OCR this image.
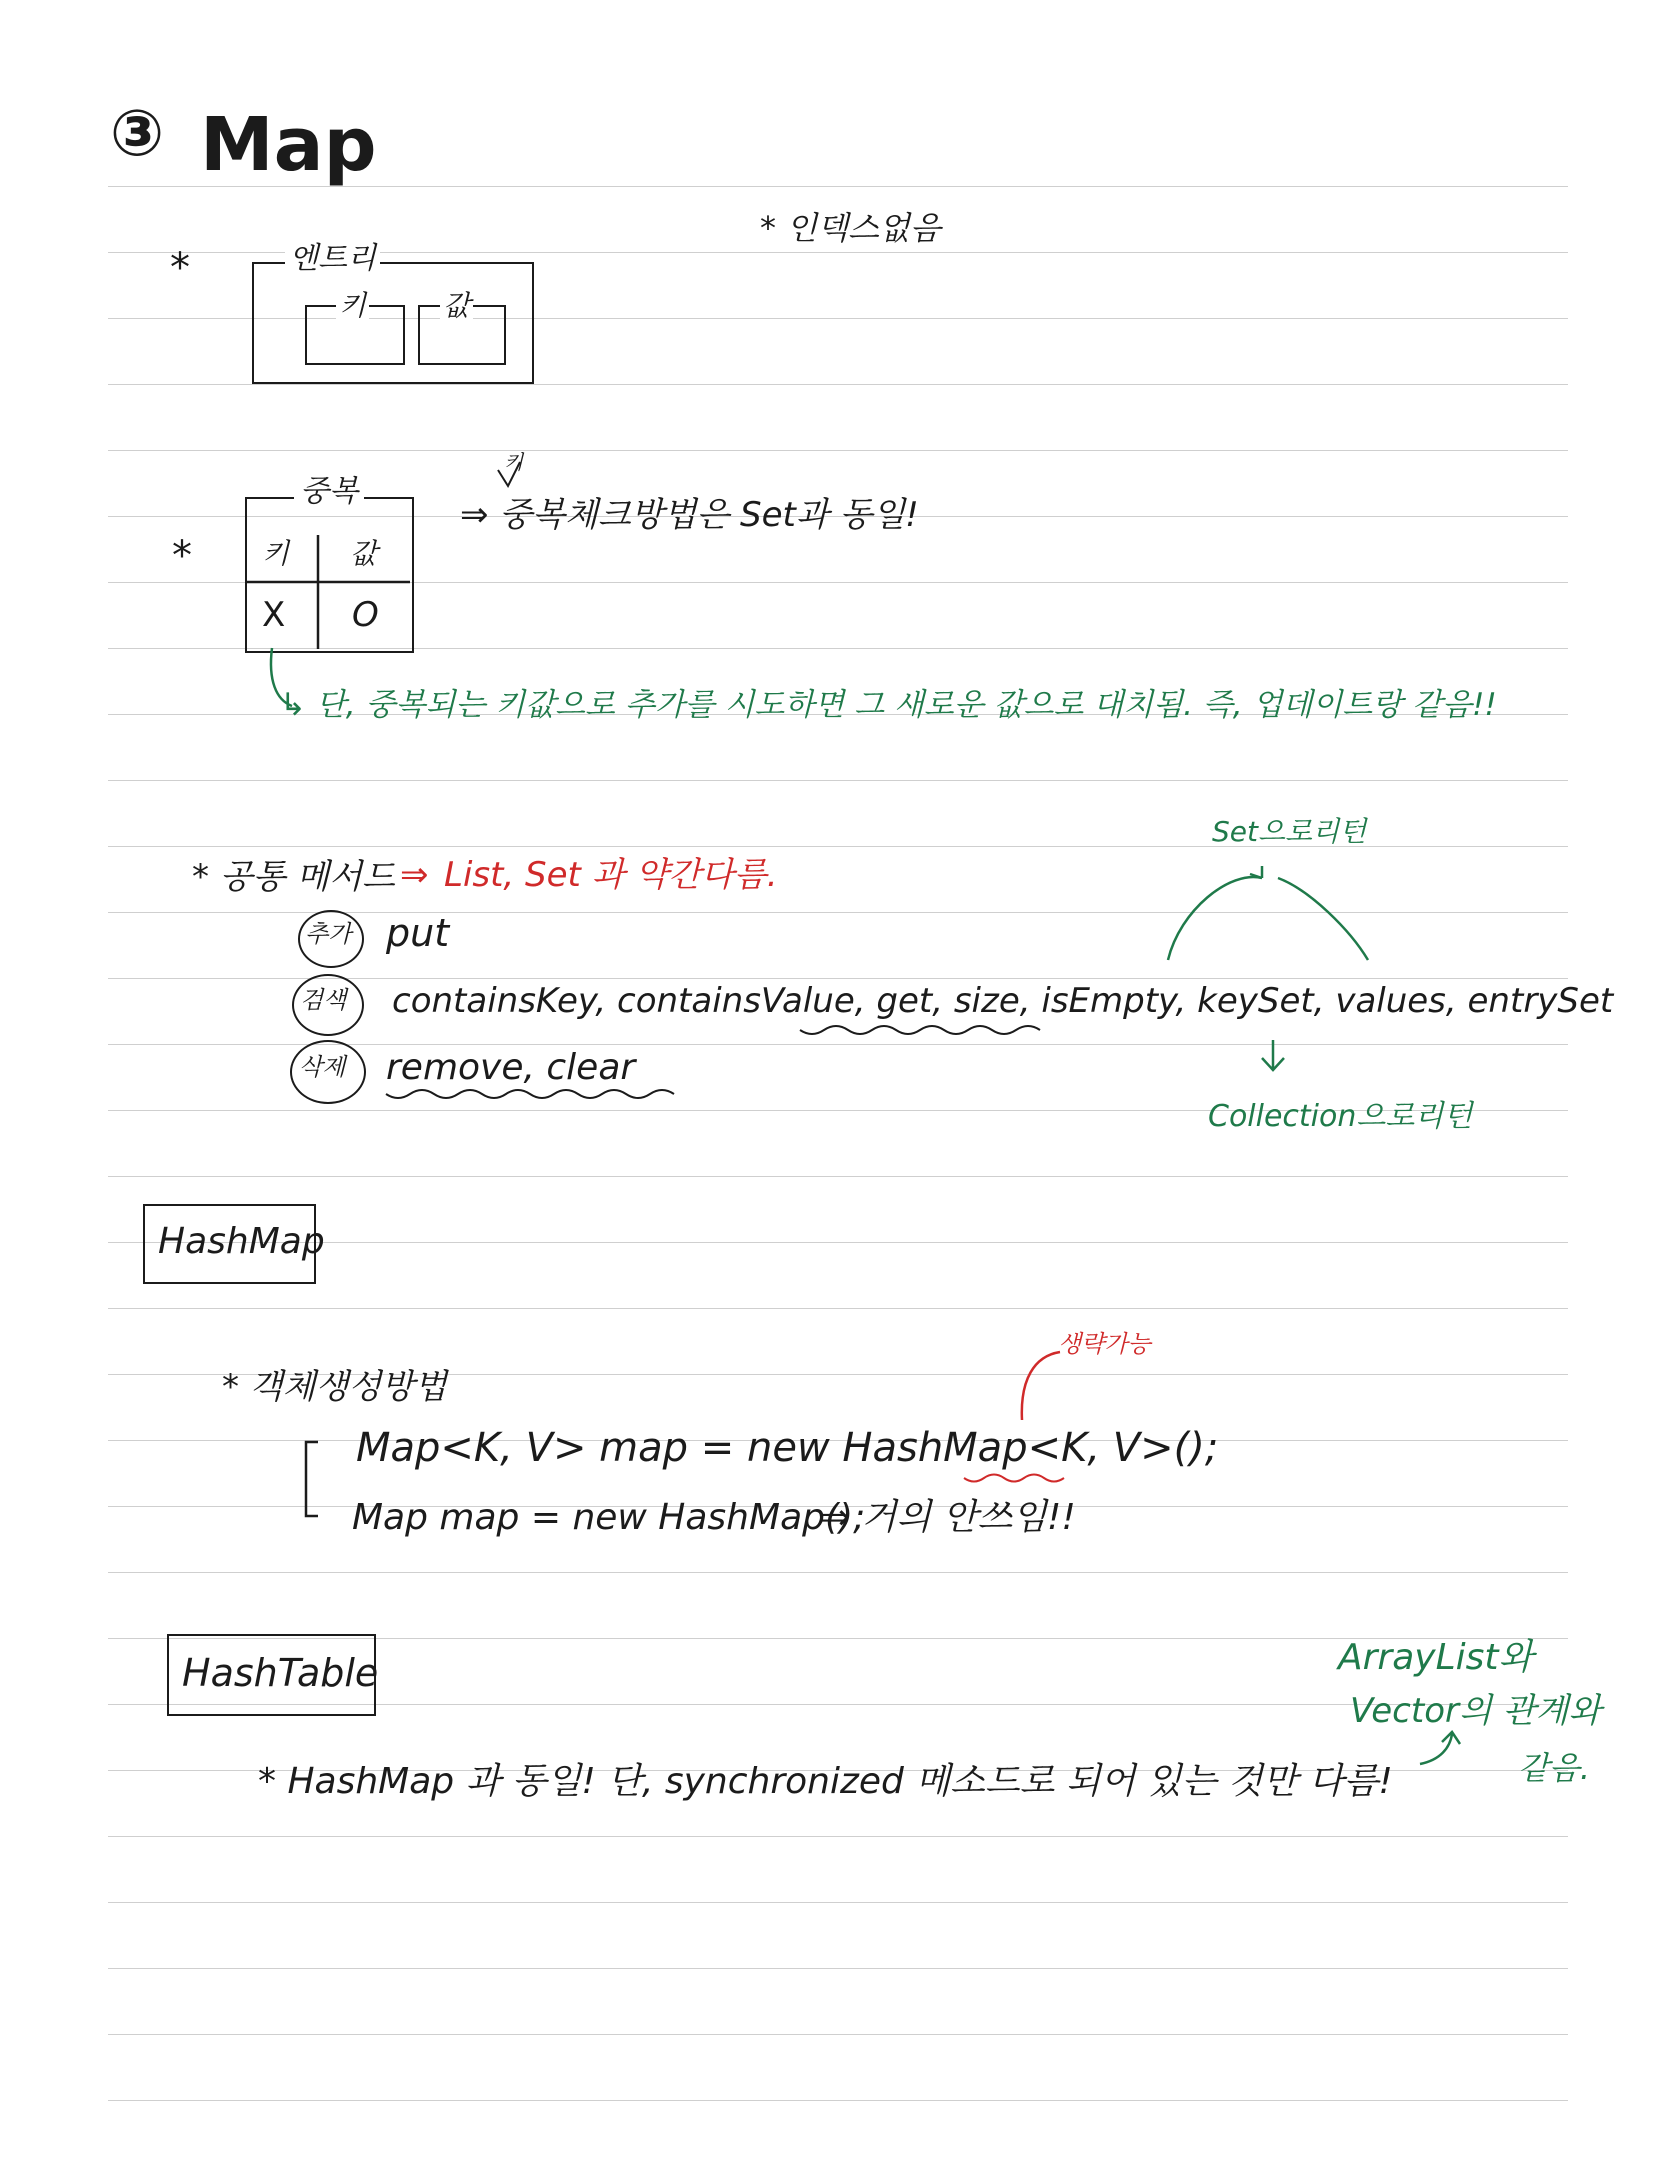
③ Map
*	엔트리
키	값
* 인덱스없음
*
중복
키 값
X O
키
⇒ 중복체크방법은 Set과 동일!
↳ 단, 중복되는 키값으로 추가를 시도하면 그 새로운 값으로 대치됨. 즉, 업데이트랑 같음!!
* 공통 메서드 ⇒ List, Set 과 약간다름.
Set으로리턴
추가 put
검색 containsKey, containsValue, get, size, isEmpty, keySet, values, entrySet
삭제 remove, clear
Collection으로리턴
HashMap
* 객체생성방법
생략가능
Map<K, V> map = new HashMap<K, V>();
Map map = new HashMap();
⇒ 거의 안쓰임!!
HashTable
* HashMap 과 동일! 단, synchronized 메소드로 되어 있는 것만 다름!
ArrayList와
Vector의 관계와
같음.
